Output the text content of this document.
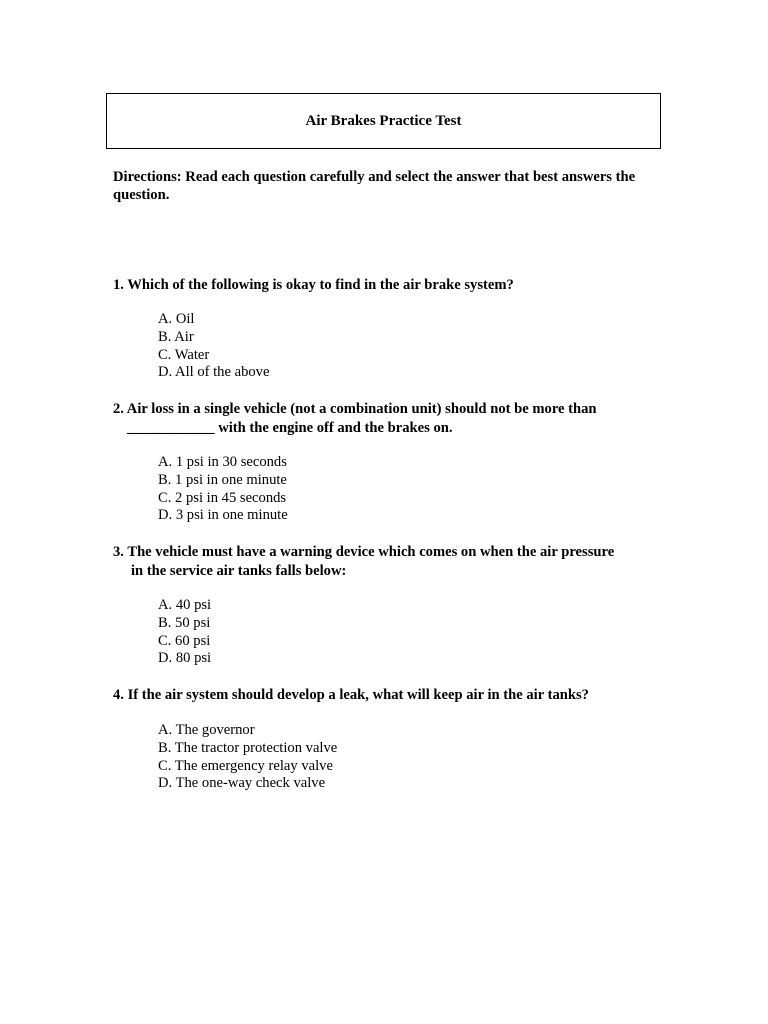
Air Brakes Practice Test
Directions: Read each question carefully and select the answer that best answers the question.
1. Which of the following is okay to find in the air brake system?
A. Oil
B. Air
C. Water
D. All of the above
2. Air loss in a single vehicle (not a combination unit) should not be more than
____________ with the engine off and the brakes on.
A. 1 psi in 30 seconds
B. 1 psi in one minute
C. 2 psi in 45 seconds
D. 3 psi in one minute
3. The vehicle must have a warning device which comes on when the air pressure
in the service air tanks falls below:
A. 40 psi
B. 50 psi
C. 60 psi
D. 80 psi
4. If the air system should develop a leak, what will keep air in the air tanks?
A. The governor
B. The tractor protection valve
C. The emergency relay valve
D. The one-way check valve
